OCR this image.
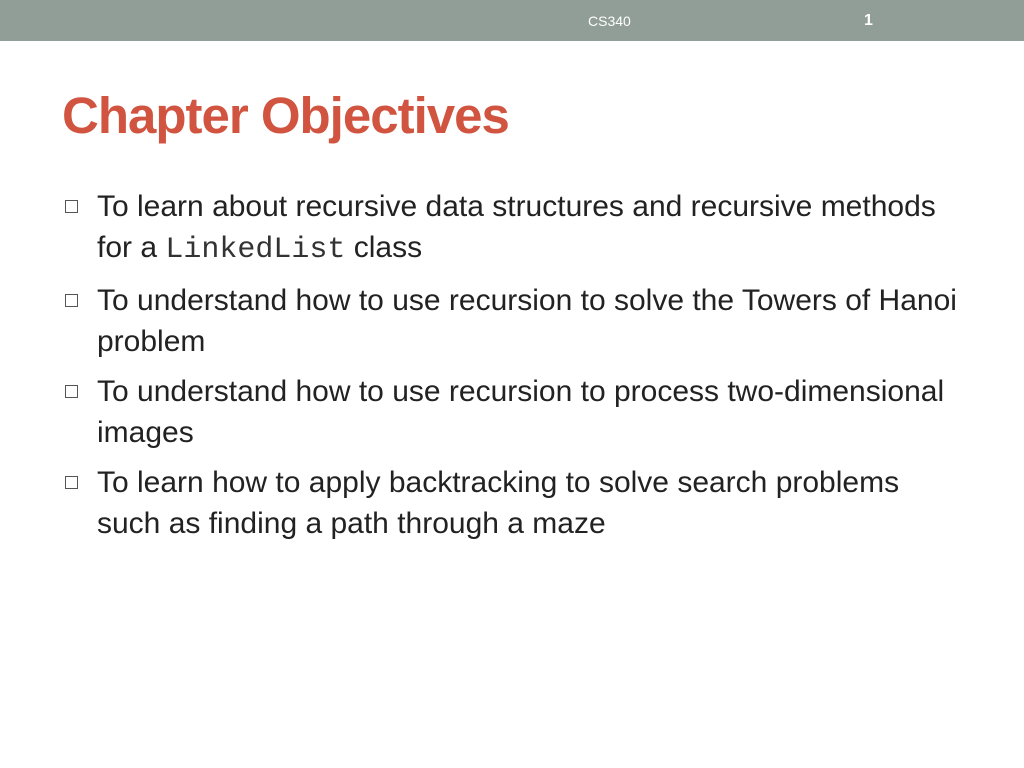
CS340	1
Chapter Objectives
To learn about recursive data structures and recursive methods for a LinkedList class
To understand how to use recursion to solve the Towers of Hanoi problem
To understand how to use recursion to process two-dimensional images
To learn how to apply backtracking to solve search problems such as finding a path through a maze
